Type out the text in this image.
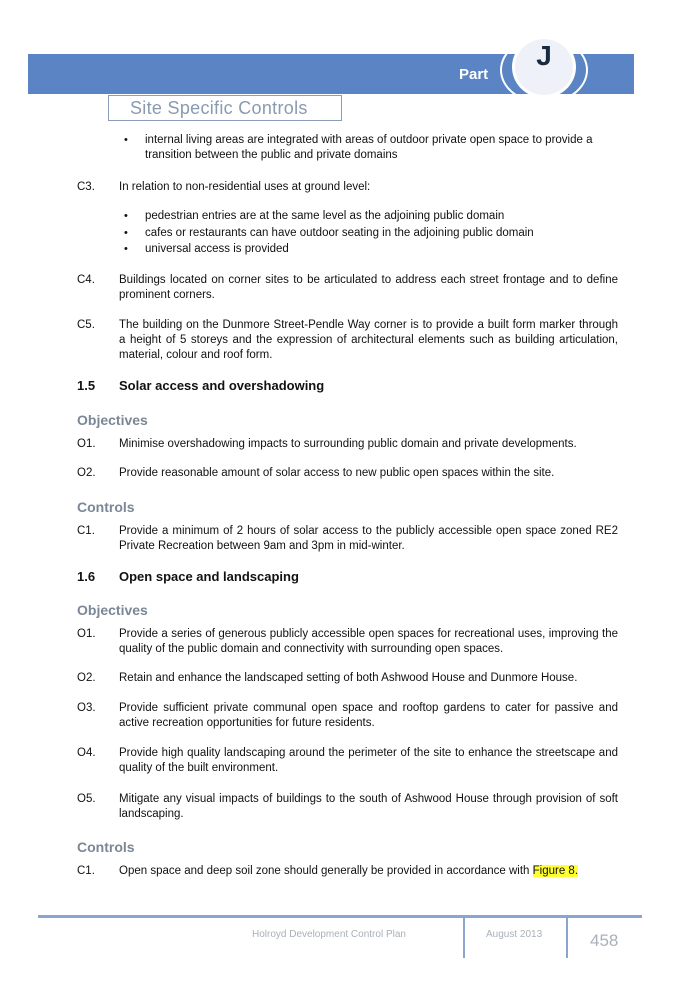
Part
J
Site Specific Controls
• internal living areas are integrated with areas of outdoor private open space to provide a transition between the public and private domains
C3. In relation to non-residential uses at ground level:
• pedestrian entries are at the same level as the adjoining public domain
• cafes or restaurants can have outdoor seating in the adjoining public domain
• universal access is provided
C4. Buildings located on corner sites to be articulated to address each street frontage and to define prominent corners.
C5. The building on the Dunmore Street-Pendle Way corner is to provide a built form marker through a height of 5 storeys and the expression of architectural elements such as building articulation, material, colour and roof form.
1.5 Solar access and overshadowing
Objectives
O1. Minimise overshadowing impacts to surrounding public domain and private developments.
O2. Provide reasonable amount of solar access to new public open spaces within the site.
Controls
C1. Provide a minimum of 2 hours of solar access to the publicly accessible open space zoned RE2 Private Recreation between 9am and 3pm in mid-winter.
1.6 Open space and landscaping
Objectives
O1. Provide a series of generous publicly accessible open spaces for recreational uses, improving the quality of the public domain and connectivity with surrounding open spaces.
O2. Retain and enhance the landscaped setting of both Ashwood House and Dunmore House.
O3. Provide sufficient private communal open space and rooftop gardens to cater for passive and active recreation opportunities for future residents.
O4. Provide high quality landscaping around the perimeter of the site to enhance the streetscape and quality of the built environment.
O5. Mitigate any visual impacts of buildings to the south of Ashwood House through provision of soft landscaping.
Controls
C1. Open space and deep soil zone should generally be provided in accordance with Figure 8.
Holroyd Development Control Plan	August 2013	458
